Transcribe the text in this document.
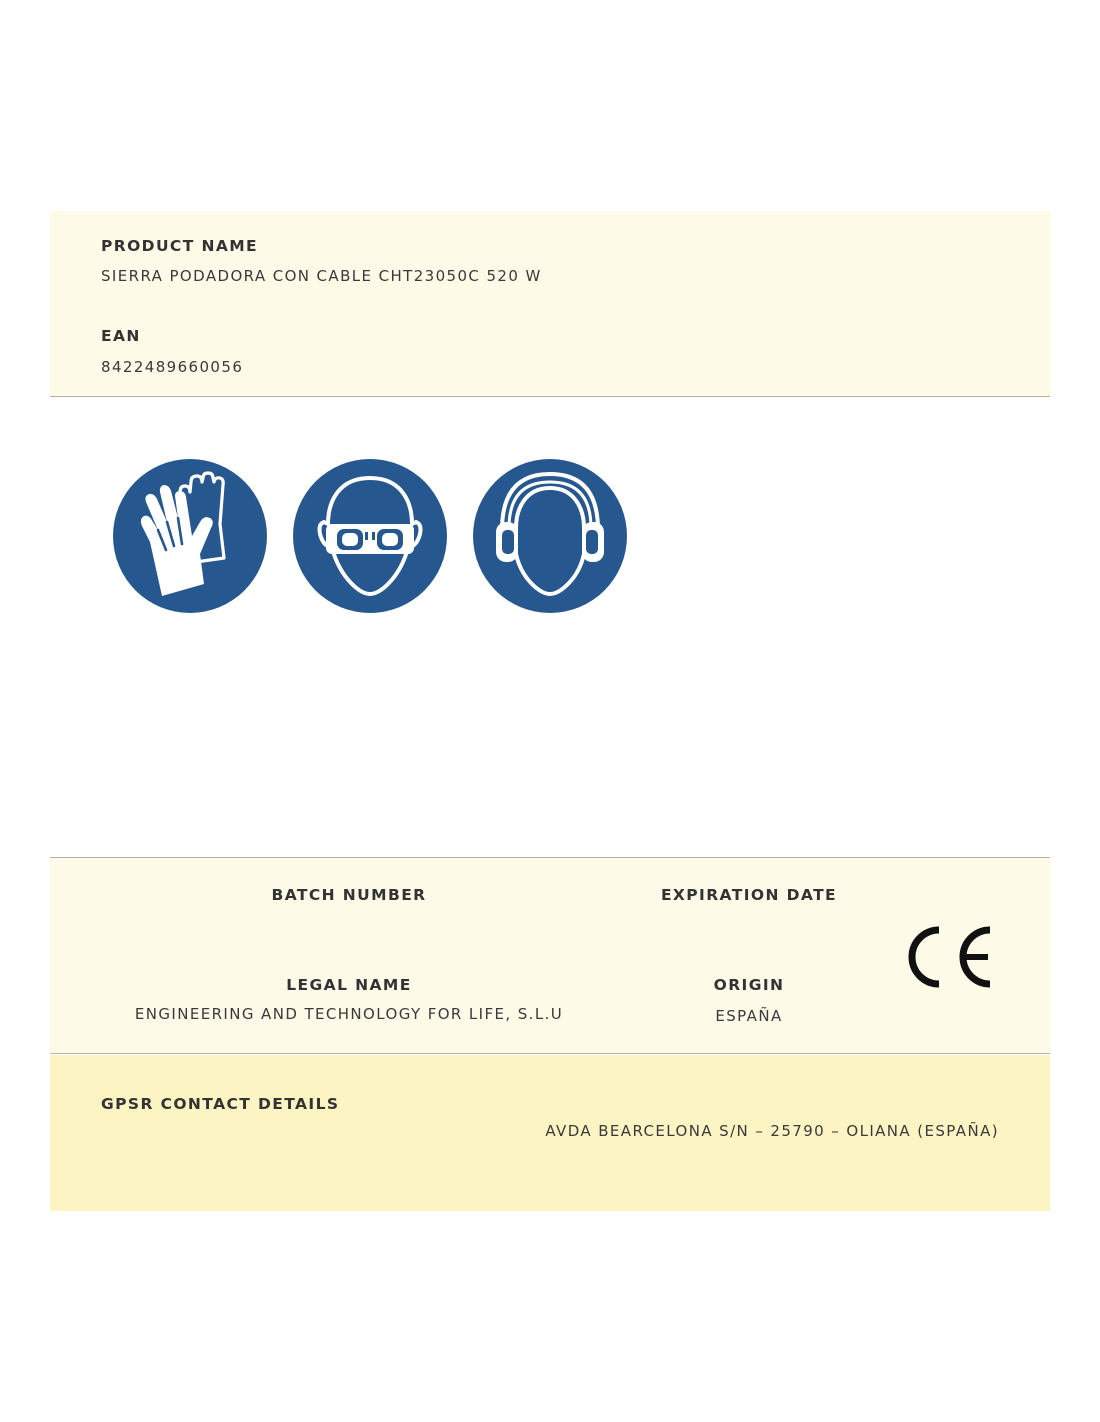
PRODUCT NAME
SIERRA PODADORA CON CABLE CHT23050C 520 W
EAN
8422489660056
BATCH NUMBER	EXPIRATION DATE
LEGAL NAME
ENGINEERING AND TECHNOLOGY FOR LIFE, S.L.U
ORIGIN
ESPAÑA
GPSR CONTACT DETAILS
AVDA BEARCELONA S/N – 25790 – OLIANA (ESPAÑA)
